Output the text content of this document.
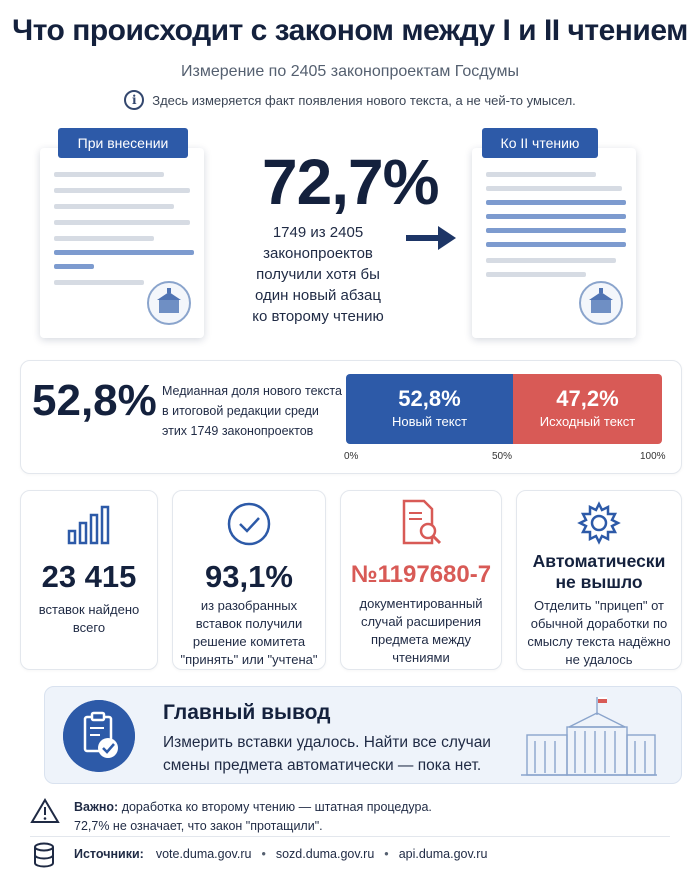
Что происходит с законом между I и II чтением
Измерение по 2405 законопроектам Госдумы
i	Здесь измеряется факт появления нового текста, а не чей-то умысел.
При внесении
72,7%
1749 из 2405
законопроектов
получили хотя бы
один новый абзац
ко второму чтению
Ко II чтению
52,8% Медианная доля нового текста
в итоговой редакции среди
этих 1749 законопроектов
52,8%
Новый текст
47,2%
Исходный текст
0%	50%	100%
23 415
вставок найдено
всего
93,1%
из разобранных
вставок получили
решение комитета
"принять" или "учтена"
№1197680-7
документированный
случай расширения
предмета между
чтениями
Автоматически
не вышло
Отделить "прицеп" от
обычной доработки по
смыслу текста надёжно
не удалось
Главный вывод
Измерить вставки удалось. Найти все случаи
смены предмета автоматически — пока нет.
Важно: доработка ко второму чтению — штатная процедура.
72,7% не означает, что закон "протащили".
Источники: vote.duma.gov.ru • sozd.duma.gov.ru • api.duma.gov.ru
